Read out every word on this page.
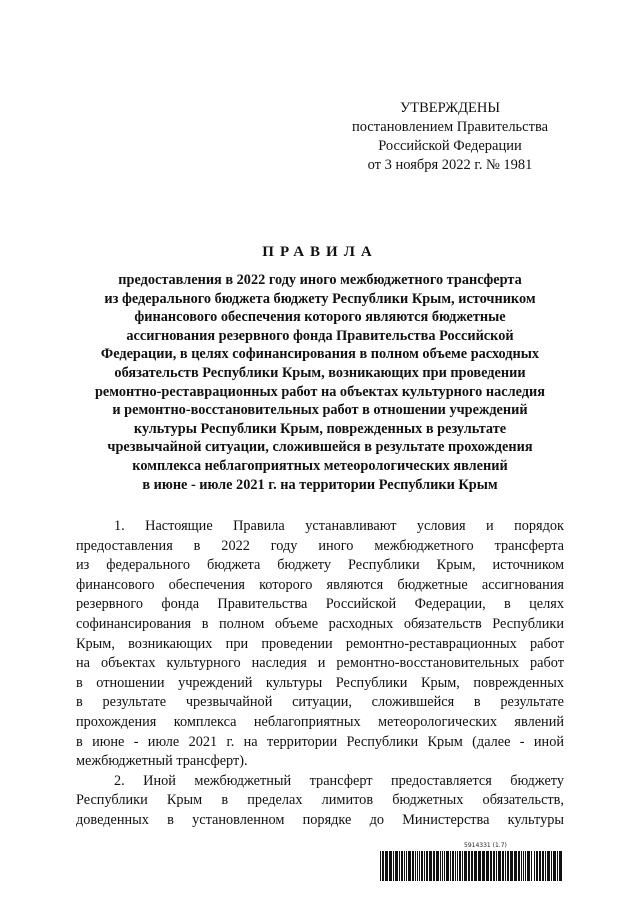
УТВЕРЖДЕНЫ
постановлением Правительства
Российской Федерации
от 3 ноября 2022 г. № 1981
ПРАВИЛА
предоставления в 2022 году иного межбюджетного трансферта
из федерального бюджета бюджету Республики Крым, источником
финансового обеспечения которого являются бюджетные
ассигнования резервного фонда Правительства Российской
Федерации, в целях софинансирования в полном объеме расходных
обязательств Республики Крым, возникающих при проведении
ремонтно-реставрационных работ на объектах культурного наследия
и ремонтно-восстановительных работ в отношении учреждений
культуры Республики Крым, поврежденных в результате
чрезвычайной ситуации, сложившейся в результате прохождения
комплекса неблагоприятных метеорологических явлений
в июне - июле 2021 г. на территории Республики Крым
1. Настоящие Правила устанавливают условия и порядок
предоставления в 2022 году иного межбюджетного трансферта
из федерального бюджета бюджету Республики Крым, источником
финансового обеспечения которого являются бюджетные ассигнования
резервного фонда Правительства Российской Федерации, в целях
софинансирования в полном объеме расходных обязательств Республики
Крым, возникающих при проведении ремонтно-реставрационных работ
на объектах культурного наследия и ремонтно-восстановительных работ
в отношении учреждений культуры Республики Крым, поврежденных
в результате чрезвычайной ситуации, сложившейся в результате
прохождения комплекса неблагоприятных метеорологических явлений
в июне - июле 2021 г. на территории Республики Крым (далее - иной
межбюджетный трансферт).
2. Иной межбюджетный трансферт предоставляется бюджету
Республики Крым в пределах лимитов бюджетных обязательств,
доведенных в установленном порядке до Министерства культуры
5914331 (1.7)
